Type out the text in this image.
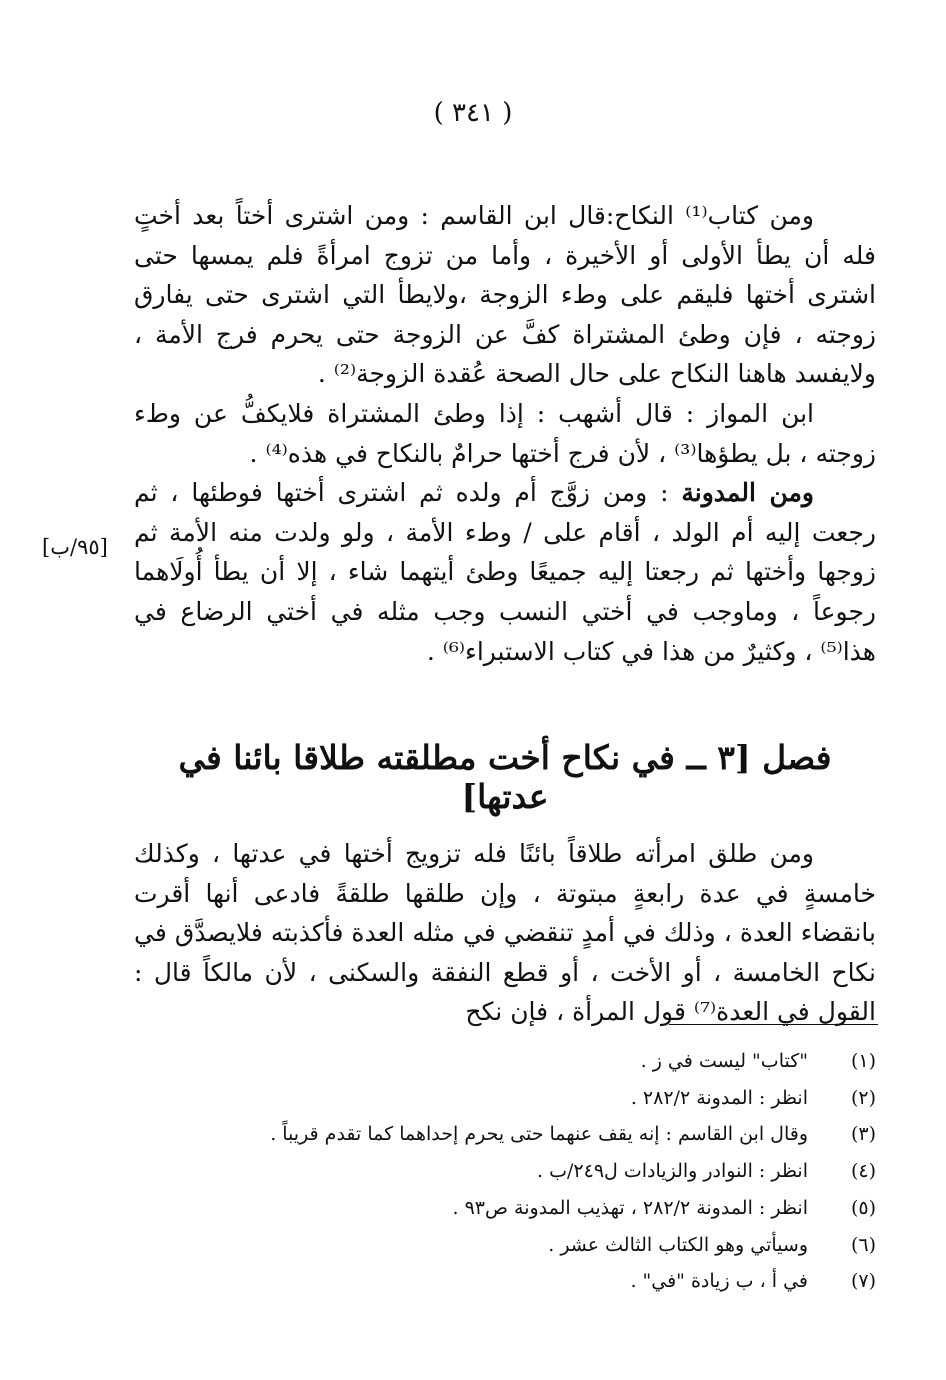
( ٣٤١ )

ومن كتاب⁽¹⁾ النكاح:قال ابن القاسم : ومن اشترى أختاً بعد أختٍ فله أن يطأ الأولى أو الأخيرة ، وأما من تزوج امرأةً فلم يمسها حتى اشترى أختها فليقم على وطء الزوجة ،ولايطأ التي اشترى حتى يفارق زوجته ، فإن وطئ المشتراة كفَّ عن الزوجة حتى يحرم فرج الأمة ، ولايفسد هاهنا النكاح على حال الصحة عُقدة الزوجة⁽²⁾ .

ابن المواز : قال أشهب : إذا وطئ المشتراة فلايكفُّ عن وطء زوجته ، بل يطؤها⁽³⁾ ، لأن فرج أختها حرامٌ بالنكاح في هذه⁽⁴⁾ .

ومن المدونة : ومن زوَّج أم ولده ثم اشترى أختها فوطئها ، ثم رجعت إليه أم الولد ، أقام على / وطء الأمة ، ولو ولدت منه الأمة ثم زوجها وأختها ثم رجعتا إليه جميعًا وطئ أيتهما شاء ، إلا أن يطأ أُولَاهما رجوعاً ، وماوجب في أختي النسب وجب مثله في أختي الرضاع في هذا⁽⁵⁾ ، وكثيرٌ من هذا في كتاب الاستبراء⁽⁶⁾ .

[٩٥/ب]
فصل [٣ ــ في نكاح أخت مطلقته طلاقا بائنا في عدتها]

ومن طلق امرأته طلاقاً بائنًا فله تزويج أختها في عدتها ، وكذلك خامسةٍ في عدة رابعةٍ مبتوتة ، وإن طلقها طلقةً فادعى أنها أقرت بانقضاء العدة ، وذلك في أمدٍ تنقضي في مثله العدة فأكذبته فلايصدَّق في نكاح الخامسة ، أو الأخت ، أو قطع النفقة والسكنى ، لأن مالكاً قال : القول في العدة⁽⁷⁾ قول المرأة ، فإن نكح

(١)
"كتاب" ليست في ز .
(٢)
انظر : المدونة ٢٨٢/٢ .
(٣)
وقال ابن القاسم : إنه يقف عنهما حتى يحرم إحداهما كما تقدم قريباً .
(٤)
انظر : النوادر والزيادات ل٢٤٩/ب .
(٥)
انظر : المدونة ٢٨٢/٢ ، تهذيب المدونة ص٩٣ .
(٦)
وسيأتي وهو الكتاب الثالث عشر .
(٧)
في أ ، ب زيادة "في" .
